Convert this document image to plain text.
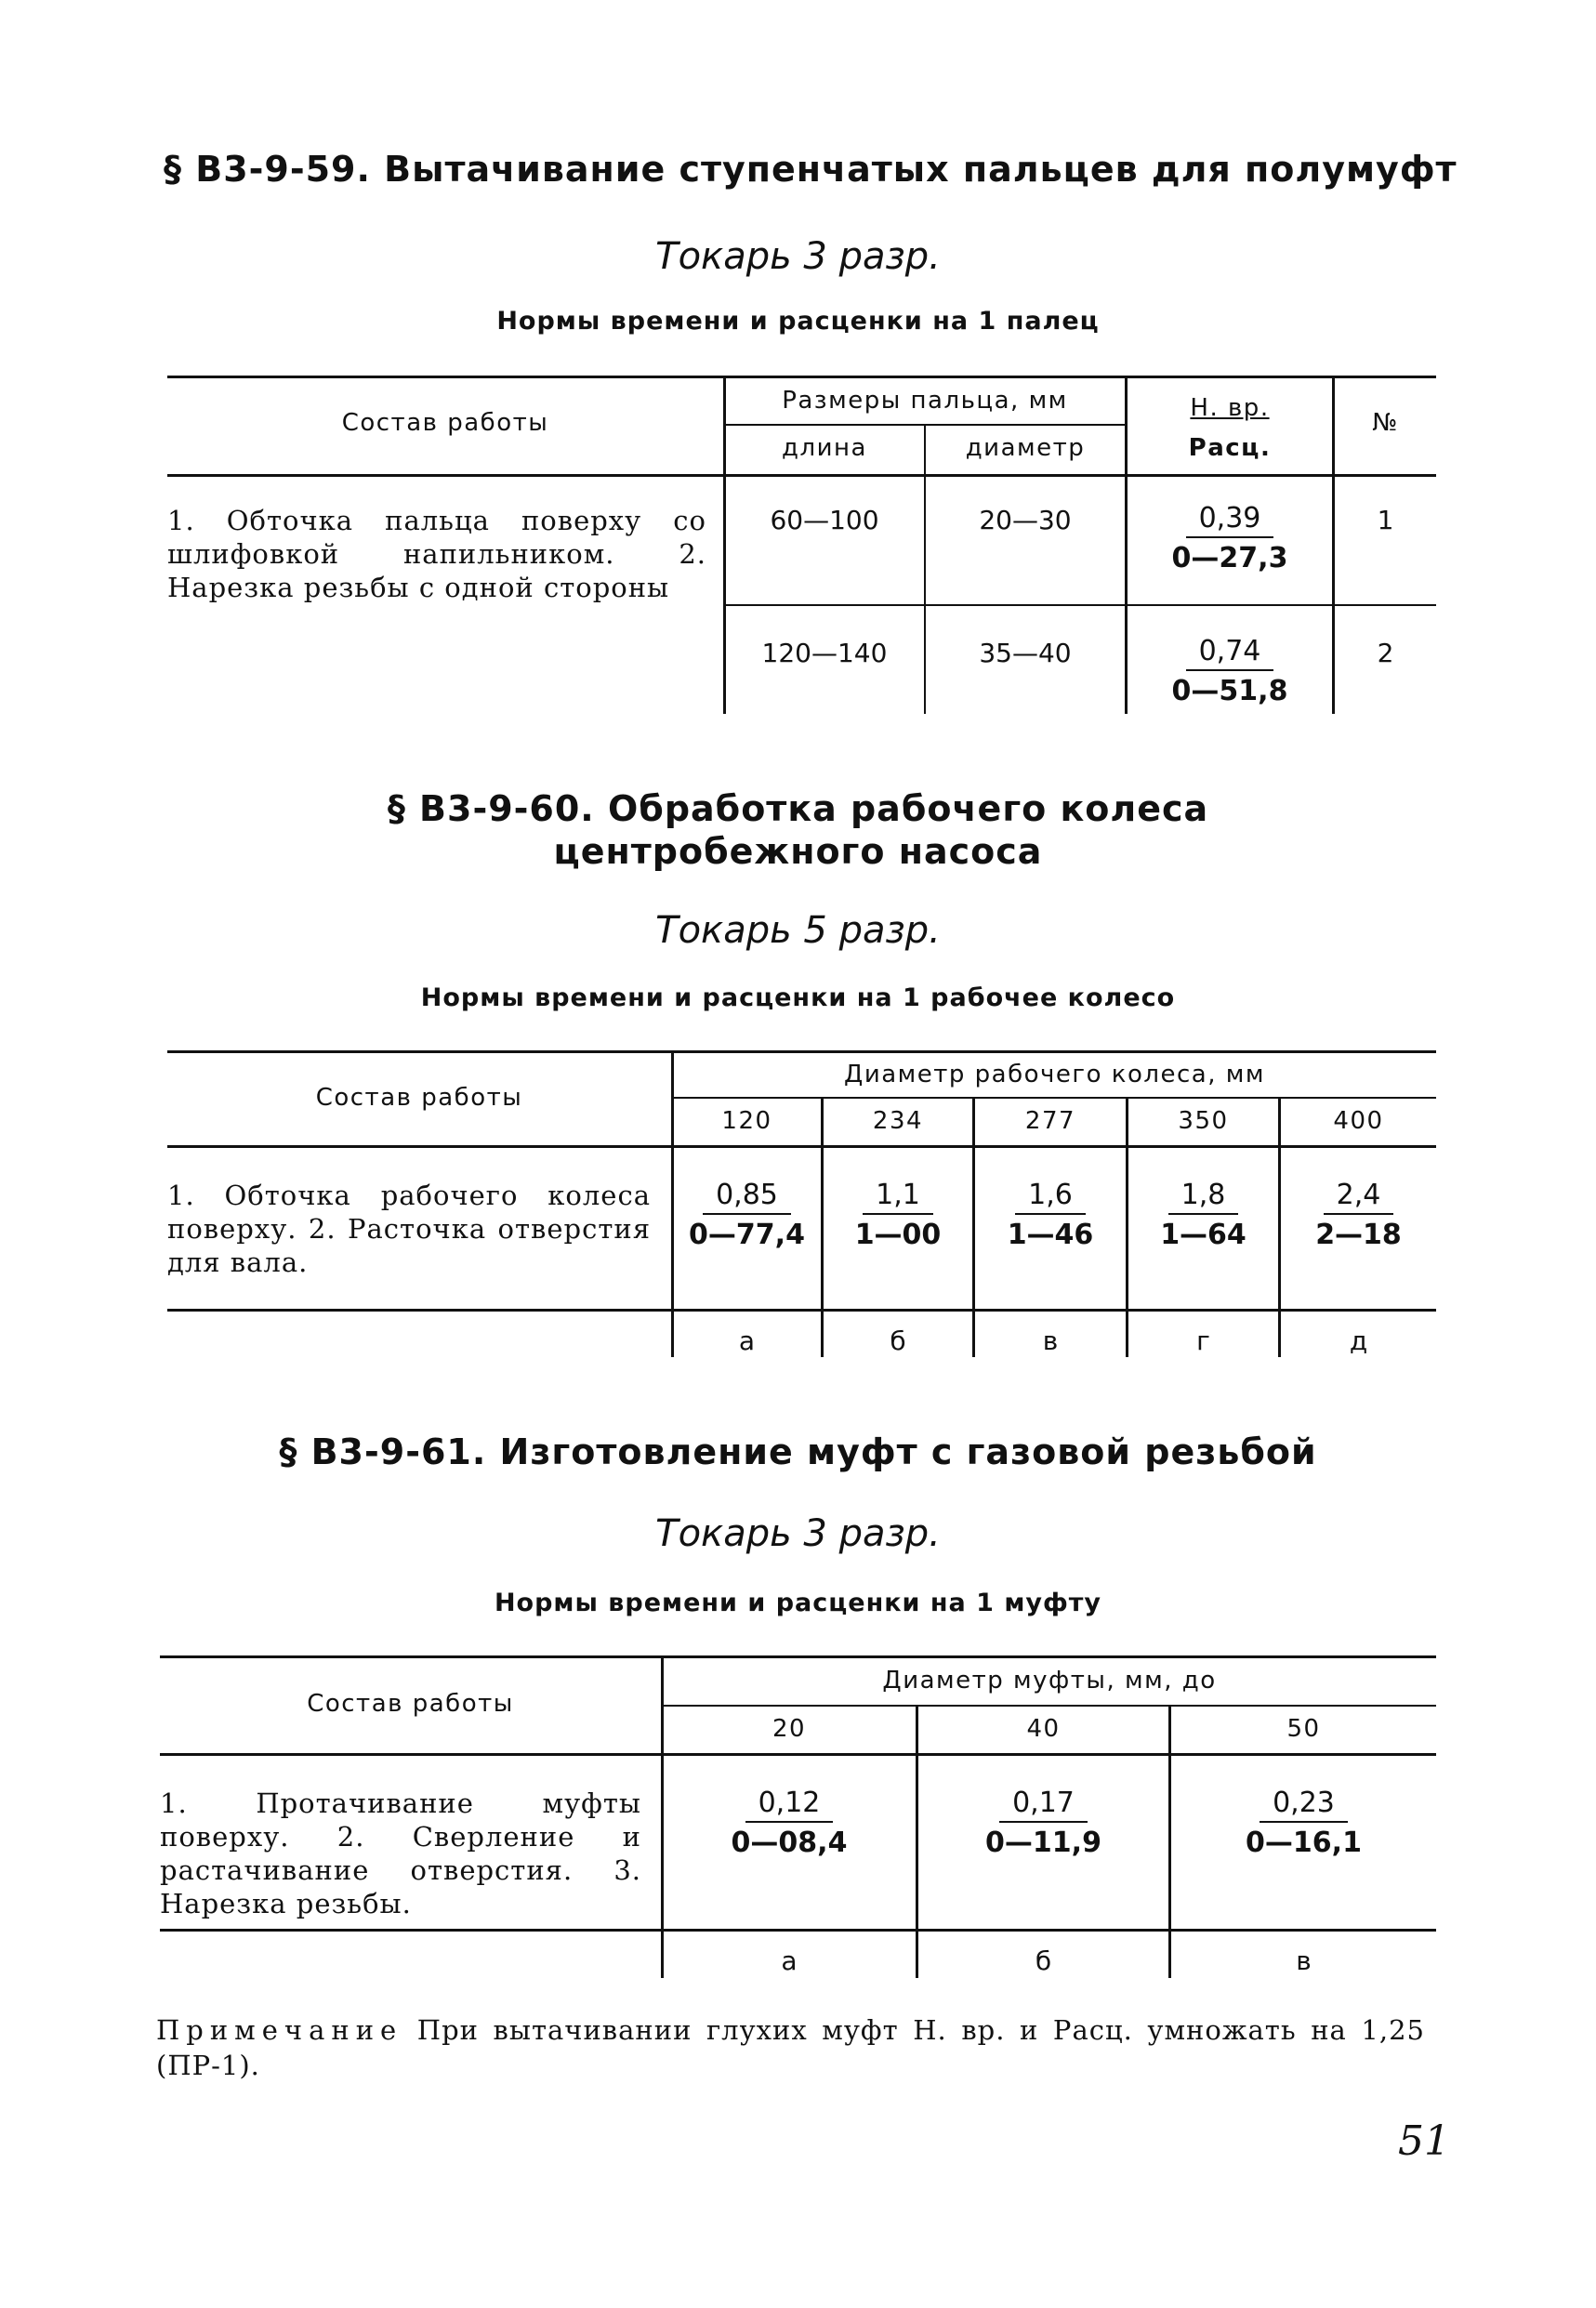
§ В3-9-59. Вытачивание ступенчатых пальцев для полумуфт
Токарь 3 разр.
Нормы времени и расценки на 1 палец
Состав работы
Размеры пальца, мм
длина	диаметр
Н. вр.
Расц.
№
1. Обточка пальца поверху со шлифовкой напильником. 2. Нарезка резьбы с одной стороны
60—100	20—30	$\frac{0,39}{0—27,3}$	1
120—140	35—40	$\frac{0,74}{0—51,8}$	2
§ В3-9-60. Обработка рабочего колеса
центробежного насоса
Токарь 5 разр.
Нормы времени и расценки на 1 рабочее колесо
Состав работы
Диаметр рабочего колеса, мм
120	234	277	350	400
1. Обточка рабочего колеса поверху. 2. Расточка отверстия для вала.
$\frac{0,85}{0—77,4} \frac{1,1}{1—00} \frac{1,6}{1—46} \frac{1,8}{1—64} \frac{2,4}{2—18}$
а	б	в	г	д
§ В3-9-61. Изготовление муфт с газовой резьбой
Токарь 3 разр.
Нормы времени и расценки на 1 муфту
Состав работы
Диаметр муфты, мм, до
20	40	50
1. Протачивание муфты поверху. 2. Сверление и растачивание отверстия. 3. Нарезка резьбы.
$\frac{0,12}{0—08,4} \frac{0,17}{0—11,9} \frac{0,23}{0—16,1}$
а	б	в
Примечание При вытачивании глухих муфт Н. вр. и Расц. умножать на 1,25 (ПР-1).
51
